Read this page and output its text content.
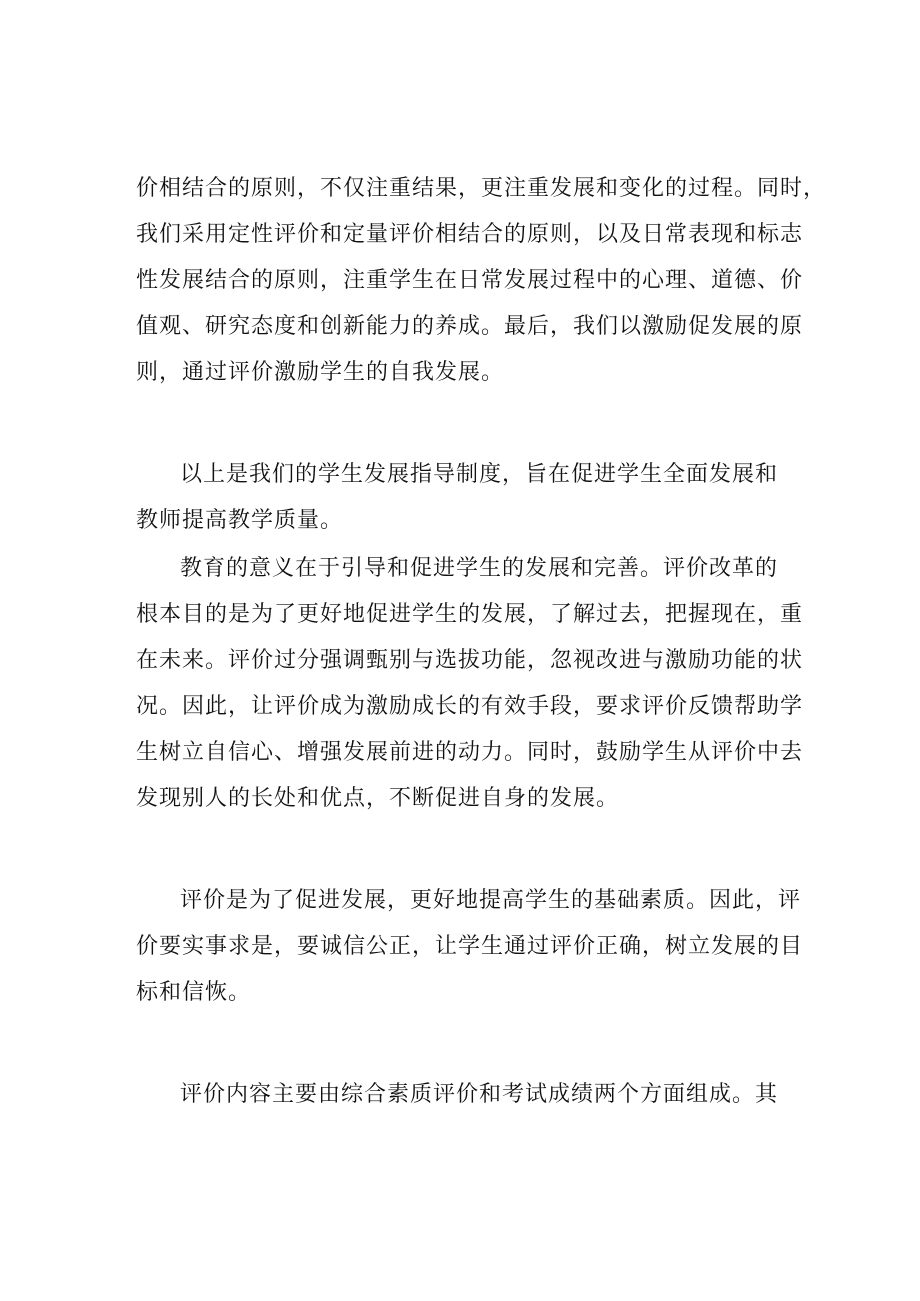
价相结合的原则，不仅注重结果，更注重发展和变化的过程。同时，
我们采用定性评价和定量评价相结合的原则，以及日常表现和标志
性发展结合的原则，注重学生在日常发展过程中的心理、道德、价
值观、研究态度和创新能力的养成。最后，我们以激励促发展的原
则，通过评价激励学生的自我发展。
以上是我们的学生发展指导制度，旨在促进学生全面发展和
教师提高教学质量。
教育的意义在于引导和促进学生的发展和完善。评价改革的
根本目的是为了更好地促进学生的发展，了解过去，把握现在，重
在未来。评价过分强调甄别与选拔功能，忽视改进与激励功能的状
况。因此，让评价成为激励成长的有效手段，要求评价反馈帮助学
生树立自信心、增强发展前进的动力。同时，鼓励学生从评价中去
发现别人的长处和优点，不断促进自身的发展。
评价是为了促进发展，更好地提高学生的基础素质。因此，评
价要实事求是，要诚信公正，让学生通过评价正确，树立发展的目
标和信恢。
评价内容主要由综合素质评价和考试成绩两个方面组成。其
